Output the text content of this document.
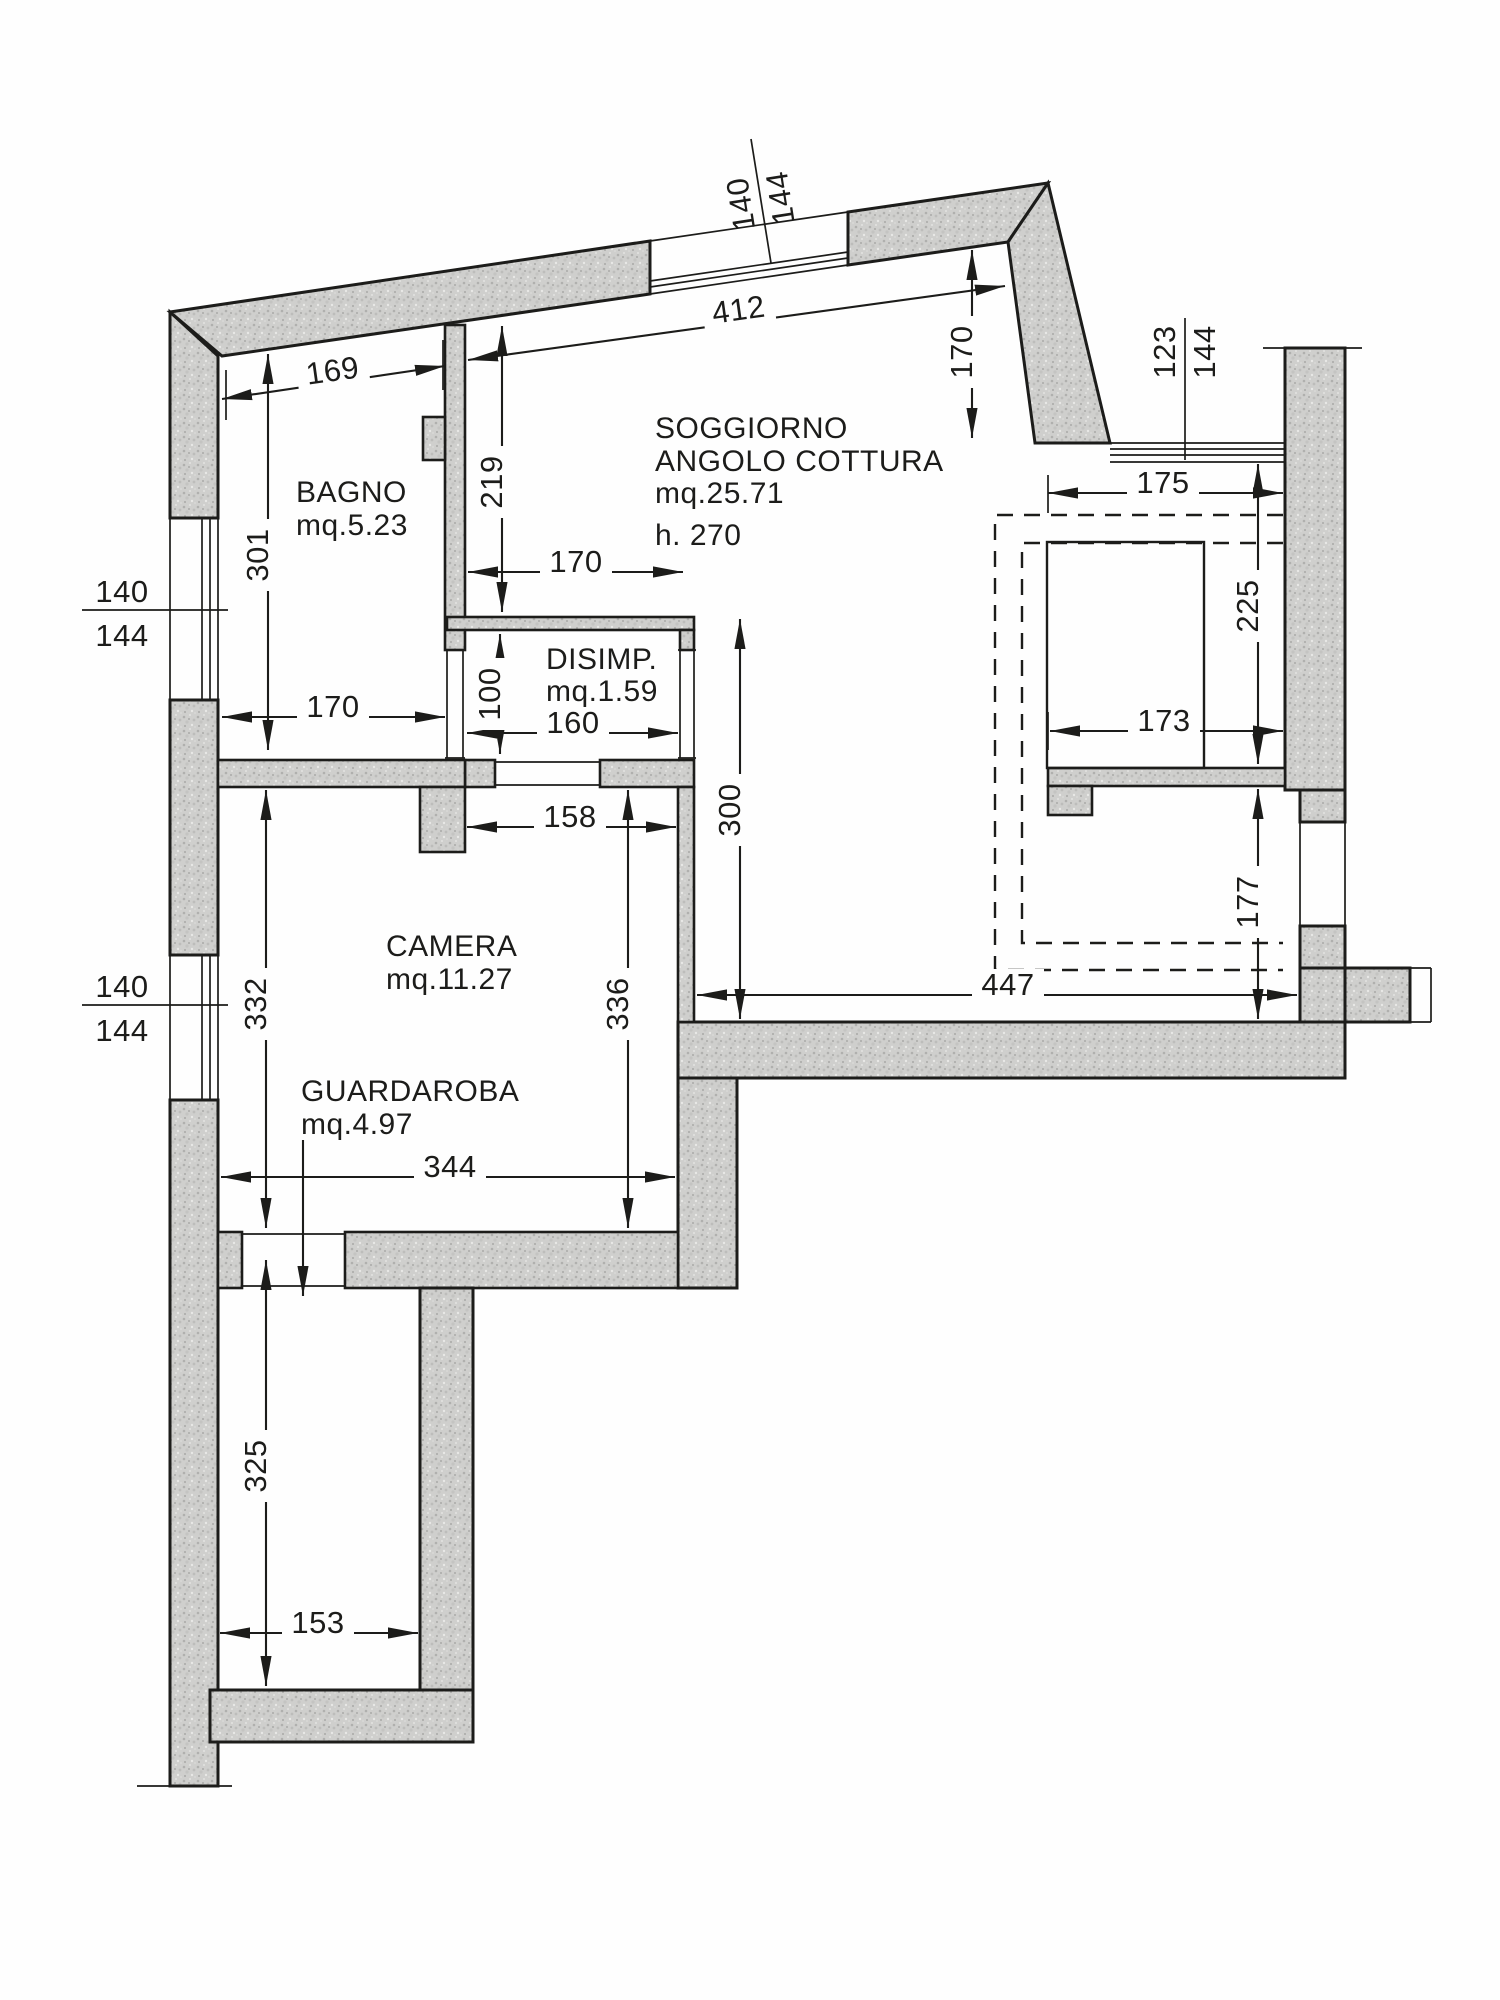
412
170
169
301
170
219
170
100
160
158	300
336
332
344
325
153
175
225
173
177
447
140
144
123 144
140
144
140
144
BAGNO
mq.5.23
SOGGIORNO
ANGOLO COTTURA
mq.25.71
h. 270
DISIMP.
mq.1.59
CAMERA
mq.11.27
GUARDAROBA
mq.4.97
